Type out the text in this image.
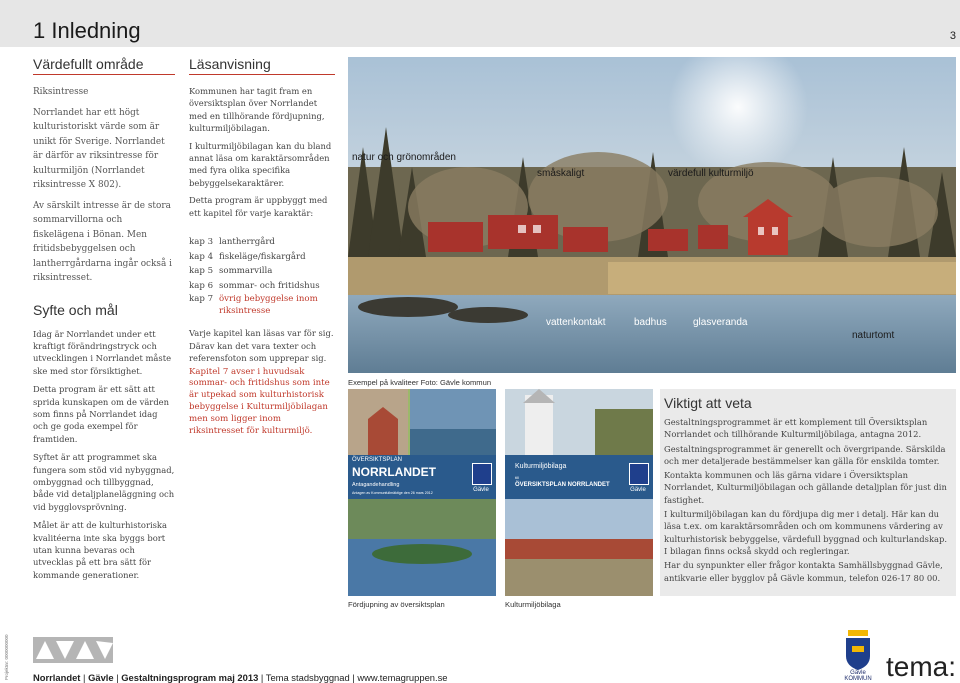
1 Inledning	3
Värdefullt område
Riksintresse
Norrlandet har ett högt kulturistoriskt värde som är unikt för Sverige. Norrlandet är därför av riksintresse för kulturmiljön (Norrlandet riksintresse X 802).
Av särskilt intresse är de stora sommarvillorna och fiskelägena i Bönan. Men fritidsbebyggelsen och lantherrgårdarna ingår också i riksintresset.
Syfte och mål
Idag är Norrlandet under ett kraftigt förändringstryck och utvecklingen i Norrlandet måste ske med stor försiktighet.
Detta program är ett sätt att sprida kunskapen om de värden som finns på Norrlandet idag och ge goda exempel för framtiden.
Syftet är att programmet ska fungera som stöd vid nybyggnad, ombyggnad och tillbyggnad, både vid detaljplaneläggning och vid bygglovsprövning.
Målet är att de kulturhistoriska kvalitéerna inte ska byggs bort utan kunna bevaras och utvecklas på ett bra sätt för kommande generationer.
Läsanvisning
Kommunen har tagit fram en översiktsplan över Norrlandet med en tillhörande fördjupning, kulturmiljöbilagan.
I kulturmiljöbilagan kan du bland annat läsa om karaktärsområden med fyra olika specifika bebyggelsekaraktärer.
Detta program är uppbyggt med ett kapitel för varje karaktär:
kap 3 lantherrgård
kap 4 fiskeläge/fiskargård
kap 5 sommarvilla
kap 6 sommar- och fritidshus
kap 7 övrig bebyggelse inom riksintresse
Varje kapitel kan läsas var för sig. Därav kan det vara texter och referensfoton som upprepar sig.
Kapitel 7 avser i huvudsak sommar- och fritidshus som inte är utpekad som kulturhistorisk bebyggelse i Kulturmiljöbilagan men som ligger inom riksintresset för kulturmiljö.
natur och grönområden
småskaligt	värdefull kulturmiljö
vattenkontakt	badhus	glasveranda
naturtomt
Exempel på kvaliteer Foto: Gävle kommun
ÖVERSIKTSPLAN
NORRLANDET
Antagandehandling
Antagen av Kommunfullmäktige den 26 mars 2012	Gävle
Fördjupning av översiktsplan
Kulturmiljöbilaga
till
ÖVERSIKTSPLAN NORRLANDET
Gävle
Kulturmiljöbilaga
Viktigt att veta
Gestaltningsprogrammet är ett komplement till Översiktsplan Norrlandet och tillhörande Kulturmiljöbilaga, antagna 2012.
Gestaltningsprogrammet är generellt och övergripande. Särskilda och mer detaljerade bestämmelser kan gälla för enskilda tomter.
Kontakta kommunen och läs gärna vidare i Översiktsplan Norrlandet, Kulturmiljöbilagan och gällande detaljplan för just din fastighet.
I kulturmiljöbilagan kan du fördjupa dig mer i detalj. Här kan du läsa t.ex. om karaktärsområden och om kommunens värdering av kulturhistorisk bebyggelse, värdefull byggnad och kulturlandskap. I bilagan finns också skydd och regleringar.
Har du synpunkter eller frågor kontakta Samhällsbyggnad Gävle, antikvarie eller bygglov på Gävle kommun, telefon 026-17 80 00.
Projektnr: 0000000000	Norrlandet | Gävle | Gestaltningsprogram maj 2013 | Tema stadsbyggnad | www.temagruppen.se	Gävle KOMMUN tema:
